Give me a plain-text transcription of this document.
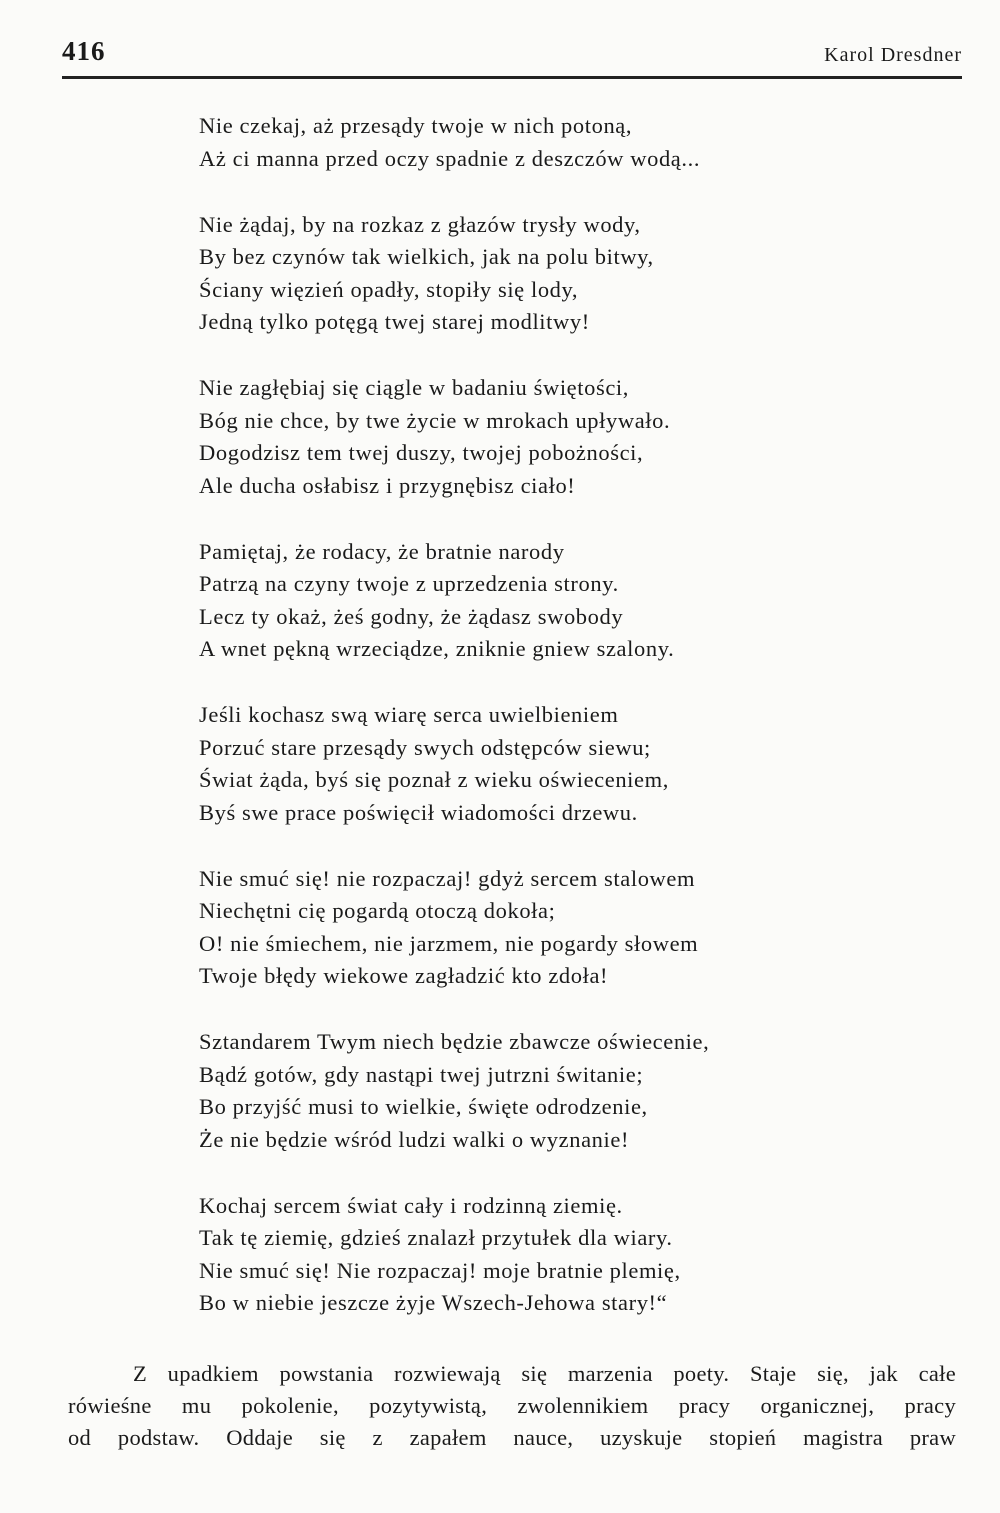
416	Karol Dresdner
Nie czekaj, aż przesądy twoje w nich potoną,
Aż ci manna przed oczy spadnie z deszczów wodą...
Nie żądaj, by na rozkaz z głazów trysły wody,
By bez czynów tak wielkich, jak na polu bitwy,
Ściany więzień opadły, stopiły się lody,
Jedną tylko potęgą twej starej modlitwy!
Nie zagłębiaj się ciągle w badaniu świętości,
Bóg nie chce, by twe życie w mrokach upływało.
Dogodzisz tem twej duszy, twojej pobożności,
Ale ducha osłabisz i przygnębisz ciało!
Pamiętaj, że rodacy, że bratnie narody
Patrzą na czyny twoje z uprzedzenia strony.
Lecz ty okaż, żeś godny, że żądasz swobody
A wnet pękną wrzeciądze, zniknie gniew szalony.
Jeśli kochasz swą wiarę serca uwielbieniem
Porzuć stare przesądy swych odstępców siewu;
Świat żąda, byś się poznał z wieku oświeceniem,
Byś swe prace poświęcił wiadomości drzewu.
Nie smuć się! nie rozpaczaj! gdyż sercem stalowem
Niechętni cię pogardą otoczą dokoła;
O! nie śmiechem, nie jarzmem, nie pogardy słowem
Twoje błędy wiekowe zagładzić kto zdoła!
Sztandarem Twym niech będzie zbawcze oświecenie,
Bądź gotów, gdy nastąpi twej jutrzni świtanie;
Bo przyjść musi to wielkie, święte odrodzenie,
Że nie będzie wśród ludzi walki o wyznanie!
Kochaj sercem świat cały i rodzinną ziemię.
Tak tę ziemię, gdzieś znalazł przytułek dla wiary.
Nie smuć się! Nie rozpaczaj! moje bratnie plemię,
Bo w niebie jeszcze żyje Wszech-Jehowa stary!“
Z upadkiem powstania rozwiewają się marzenia poety. Staje się, jak całe
rówieśne mu pokolenie, pozytywistą, zwolennikiem pracy organicznej, pracy
od podstaw. Oddaje się z zapałem nauce, uzyskuje stopień magistra praw
